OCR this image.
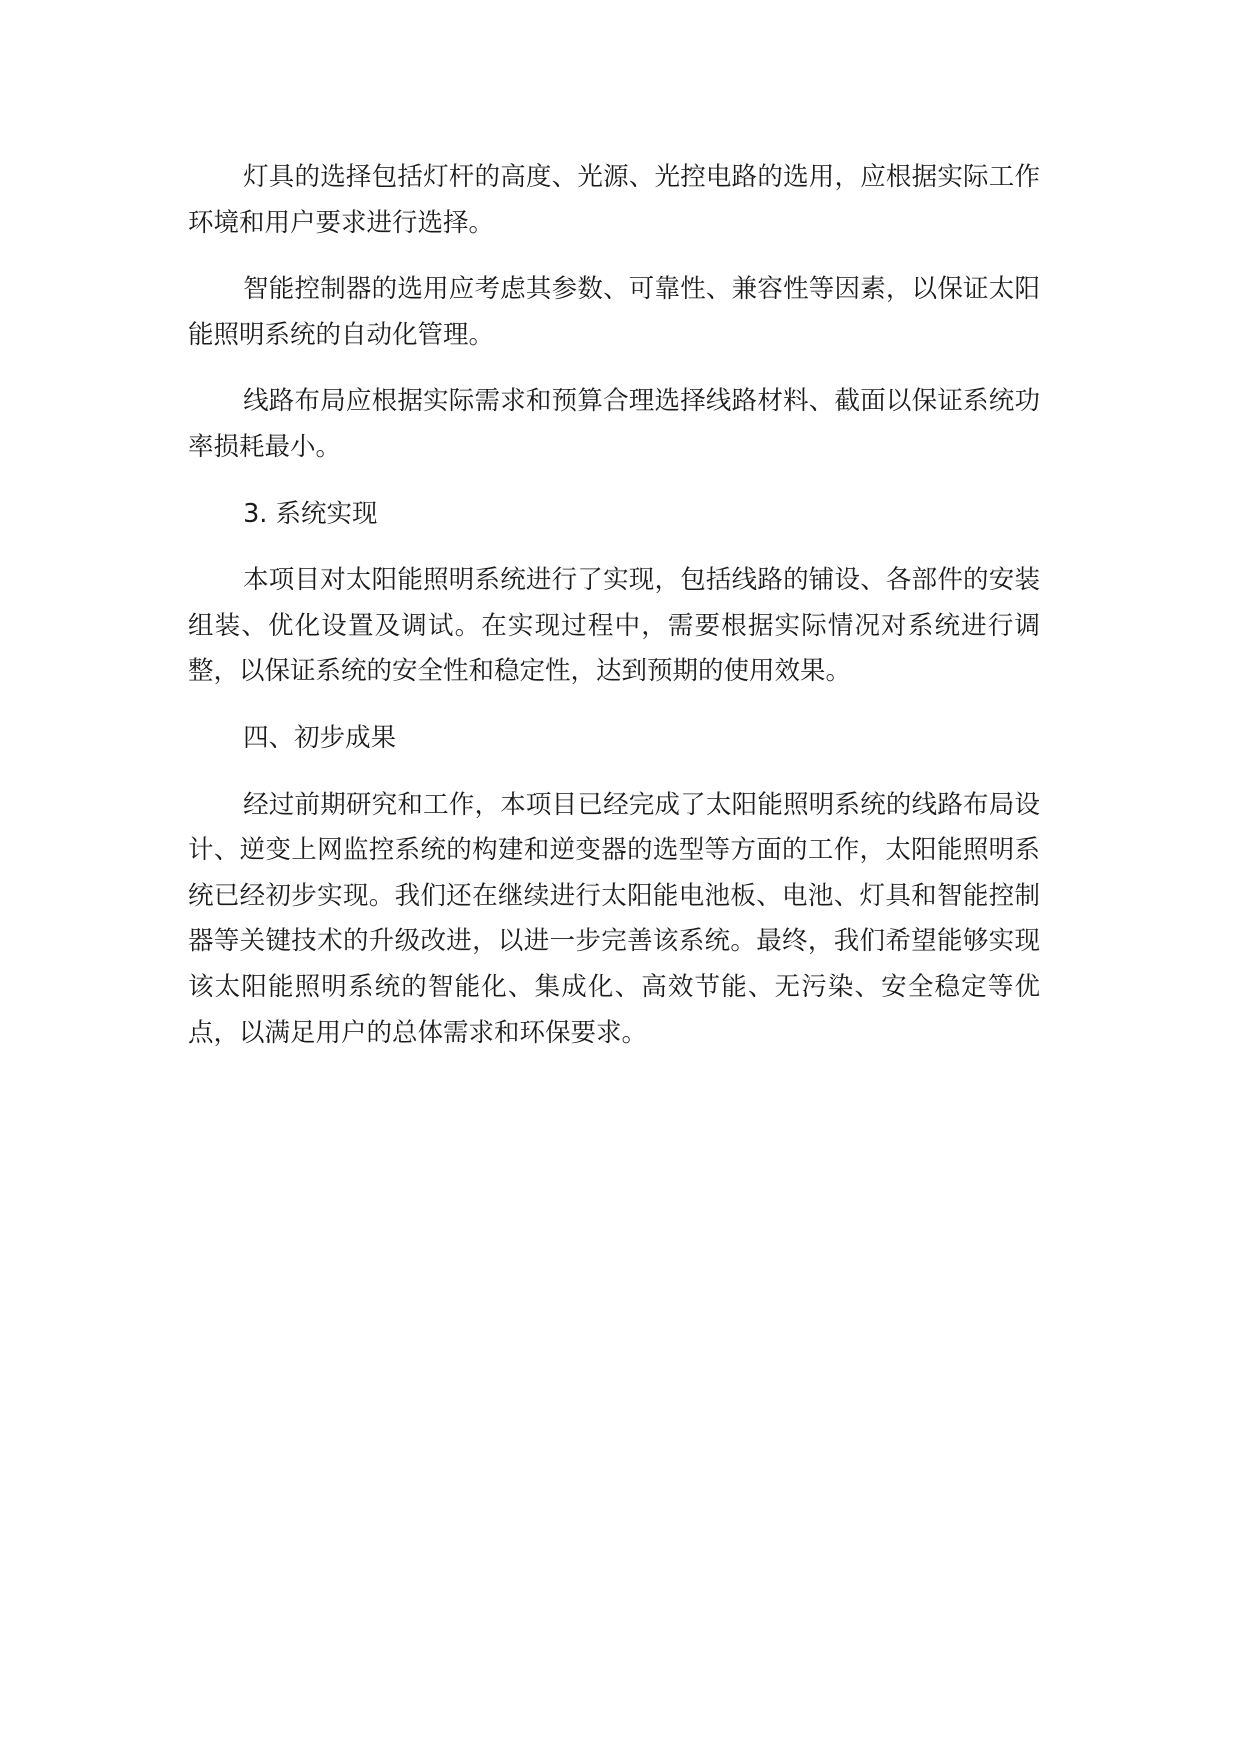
灯具的选择包括灯杆的高度、光源、光控电路的选用，应根据实际工作环境和用户要求进行选择。

智能控制器的选用应考虑其参数、可靠性、兼容性等因素，以保证太阳能照明系统的自动化管理。

线路布局应根据实际需求和预算合理选择线路材料、截面以保证系统功率损耗最小。

3. 系统实现

本项目对太阳能照明系统进行了实现，包括线路的铺设、各部件的安装组装、优化设置及调试。在实现过程中，需要根据实际情况对系统进行调整，以保证系统的安全性和稳定性，达到预期的使用效果。

四、初步成果

经过前期研究和工作，本项目已经完成了太阳能照明系统的线路布局设计、逆变上网监控系统的构建和逆变器的选型等方面的工作，太阳能照明系统已经初步实现。我们还在继续进行太阳能电池板、电池、灯具和智能控制器等关键技术的升级改进，以进一步完善该系统。最终，我们希望能够实现该太阳能照明系统的智能化、集成化、高效节能、无污染、安全稳定等优点，以满足用户的总体需求和环保要求。
